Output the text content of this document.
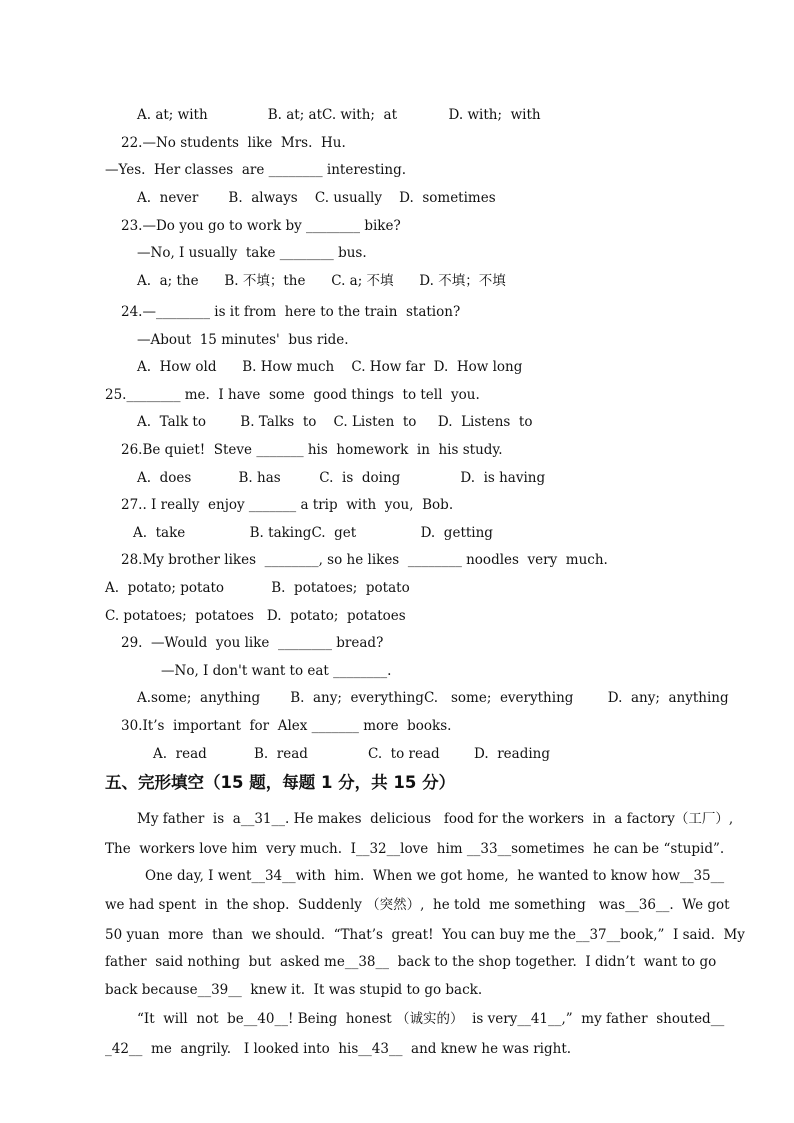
A. at; with              B. at; atC. with;  at            D. with;  with
22.—No students  like  Mrs.  Hu.
—Yes.  Her classes  are ________ interesting.
A.  never       B.  always    C. usually    D.  sometimes
23.—Do you go to work by ________ bike?
—No, I usually  take ________ bus.
A.  a; the      B. 不填；the      C. a; 不填      D. 不填；不填
24.—________ is it from  here to the train  station?
—About  15 minutes'  bus ride.
A.  How old      B. How much    C. How far  D.  How long
25.________ me.  I have  some  good things  to tell  you.
A.  Talk to        B. Talks  to    C. Listen  to     D.  Listens  to
26.Be quiet!  Steve _______ his  homework  in  his study.
A.  does           B. has         C.  is  doing              D.  is having
27.. I really  enjoy _______ a trip  with  you,  Bob.
A.  take               B. takingC.  get               D.  getting
28.My brother likes  ________, so he likes  ________ noodles  very  much.
A.  potato; potato           B.  potatoes;  potato
C. potatoes;  potatoes   D.  potato;  potatoes
29.  —Would  you like  ________ bread?
—No, I don't want to eat ________.
A.some;  anything       B.  any;  everythingC.   some;  everything        D.  any;  anything
30.It’s  important  for  Alex _______ more  books.
A.  read           B.  read              C.  to read        D.  reading
五、完形填空（15 题，每题 1 分，共 15 分）
My father  is  a__31__. He makes  delicious   food for the workers  in  a factory（工厂）,
The  workers love him  very much.  I__32__love  him __33__sometimes  he can be “stupid”.
One day, I went__34__with  him.  When we got home,  he wanted to know how__35__
we had spent  in  the shop.  Suddenly （突然）,  he told  me something   was__36__.  We got
50 yuan  more  than  we should.  “That’s  great!  You can buy me the__37__book,”  I said.  My
father  said nothing  but  asked me__38__  back to the shop together.  I didn’t  want to go
back because__39__  knew it.  It was stupid to go back.
“It  will  not  be__40__! Being  honest （诚实的）  is very__41__,”  my father  shouted__
_42__  me  angrily.   I looked into  his__43__  and knew he was right.
